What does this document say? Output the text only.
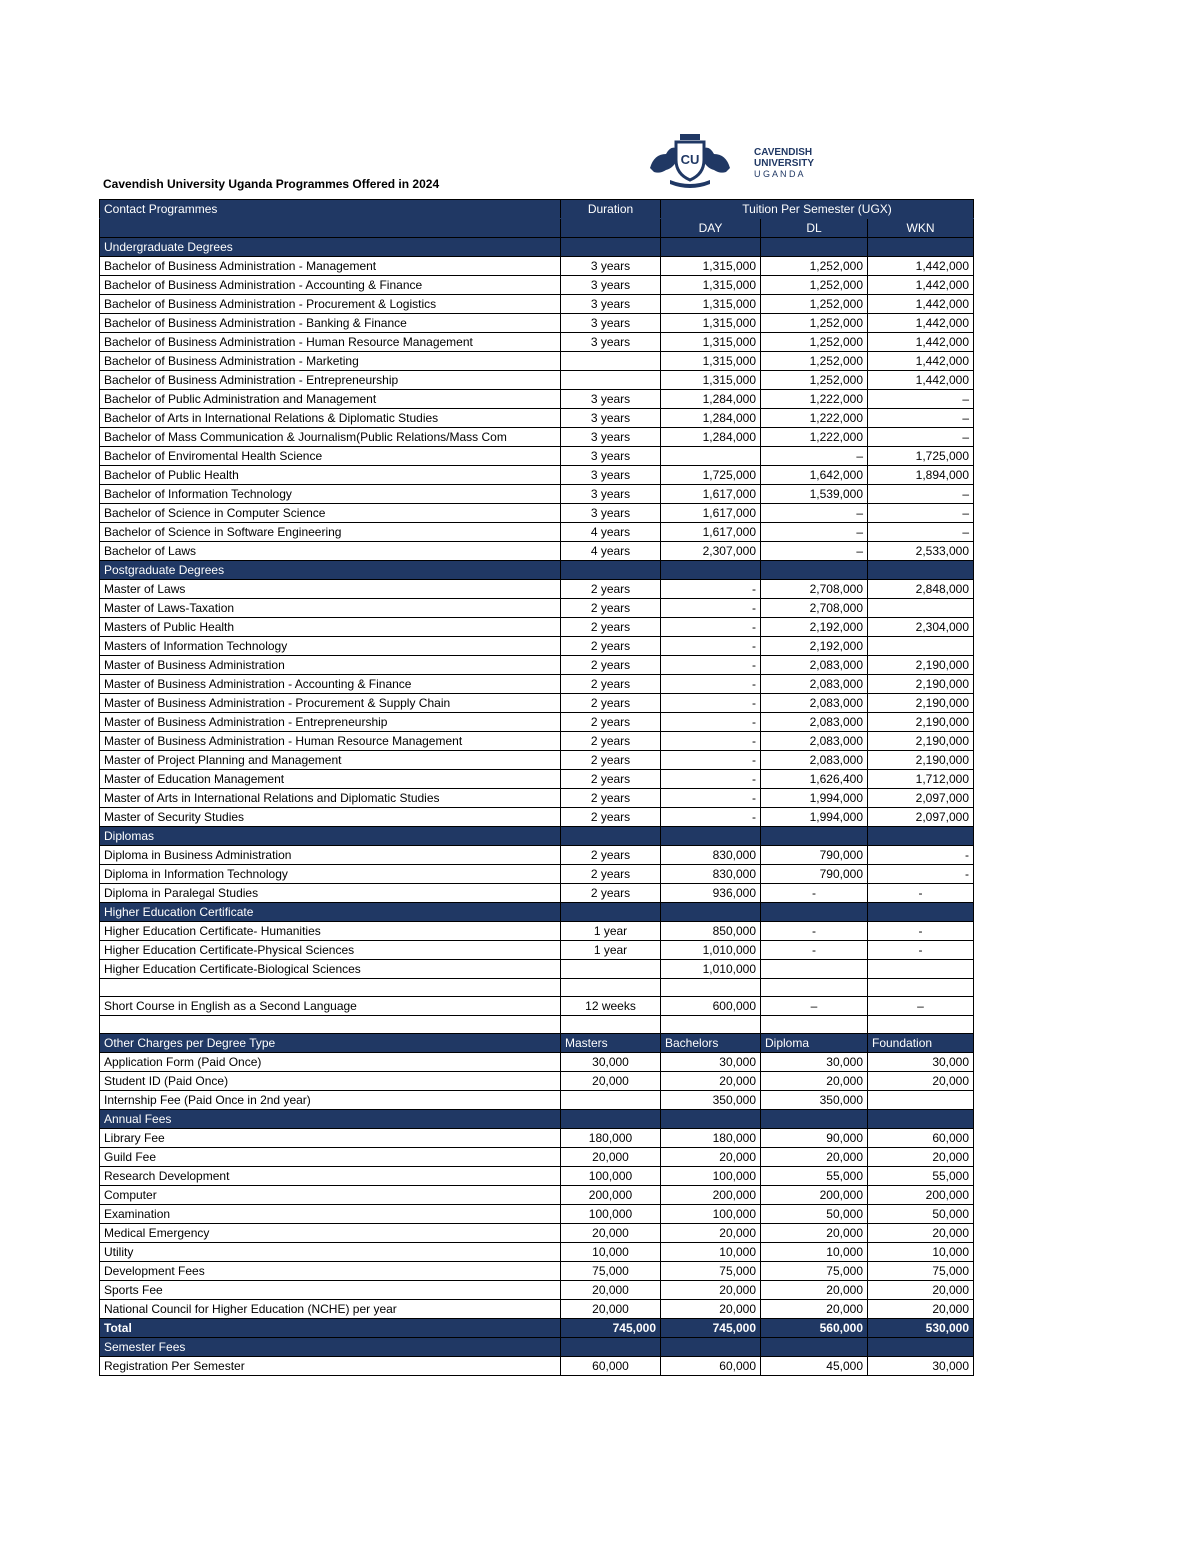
CU	CAVENDISH
UNIVERSITY
U G A N D A
Cavendish University Uganda Programmes Offered in 2024
Contact Programmes	Duration	Tuition Per Semester (UGX)		
		DAY	DL	WKN
Undergraduate Degrees				
Bachelor of Business Administration - Management	3 years	1,315,000	1,252,000	1,442,000
Bachelor of Business Administration - Accounting & Finance	3 years	1,315,000	1,252,000	1,442,000
Bachelor of Business Administration - Procurement & Logistics	3 years	1,315,000	1,252,000	1,442,000
Bachelor of Business Administration - Banking & Finance	3 years	1,315,000	1,252,000	1,442,000
Bachelor of Business Administration - Human Resource Management	3 years	1,315,000	1,252,000	1,442,000
Bachelor of Business Administration - Marketing		1,315,000	1,252,000	1,442,000
Bachelor of Business Administration - Entrepreneurship		1,315,000	1,252,000	1,442,000
Bachelor of Public Administration and Management	3 years	1,284,000	1,222,000	–
Bachelor of Arts in International Relations & Diplomatic Studies	3 years	1,284,000	1,222,000	–
Bachelor of Mass Communication & Journalism(Public Relations/Mass Com	3 years	1,284,000	1,222,000	–
Bachelor of Enviromental Health Science	3 years		–	1,725,000
Bachelor of Public Health	3 years	1,725,000	1,642,000	1,894,000
Bachelor of Information Technology	3 years	1,617,000	1,539,000	–
Bachelor of Science in Computer Science	3 years	1,617,000	–	–
Bachelor of Science in Software Engineering	4 years	1,617,000	–	–
Bachelor of Laws	4 years	2,307,000	–	2,533,000
Postgraduate Degrees				
Master of Laws	2 years	-	2,708,000	2,848,000
Master of Laws-Taxation	2 years	-	2,708,000	
Masters of Public Health	2 years	-	2,192,000	2,304,000
Masters of Information Technology	2 years	-	2,192,000	
Master of Business Administration	2 years	-	2,083,000	2,190,000
Master of Business Administration - Accounting & Finance	2 years	-	2,083,000	2,190,000
Master of Business Administration - Procurement & Supply Chain	2 years	-	2,083,000	2,190,000
Master of Business Administration - Entrepreneurship	2 years	-	2,083,000	2,190,000
Master of Business Administration - Human Resource Management	2 years	-	2,083,000	2,190,000
Master of Project Planning and Management	2 years	-	2,083,000	2,190,000
Master of Education Management	2 years	-	1,626,400	1,712,000
Master of Arts in International Relations and Diplomatic Studies	2 years	-	1,994,000	2,097,000
Master of Security Studies	2 years	-	1,994,000	2,097,000
Diplomas				
Diploma in Business Administration	2 years	830,000	790,000	-
Diploma in Information Technology	2 years	830,000	790,000	-
Diploma in Paralegal Studies	2 years	936,000	-	-
Higher Education Certificate				
Higher Education Certificate- Humanities	1 year	850,000	-	-
Higher Education Certificate-Physical Sciences	1 year	1,010,000	-	-
Higher Education Certificate-Biological Sciences		1,010,000		

Short Course in English as a Second Language	12 weeks	600,000	–	–

Other Charges per Degree Type	Masters	Bachelors	Diploma	Foundation
Application Form (Paid Once)	30,000	30,000	30,000	30,000
Student ID (Paid Once)	20,000	20,000	20,000	20,000
Internship Fee (Paid Once in 2nd year)		350,000	350,000	
Annual Fees				
Library Fee	180,000	180,000	90,000	60,000
Guild Fee	20,000	20,000	20,000	20,000
Research Development	100,000	100,000	55,000	55,000
Computer	200,000	200,000	200,000	200,000
Examination	100,000	100,000	50,000	50,000
Medical Emergency	20,000	20,000	20,000	20,000
Utility	10,000	10,000	10,000	10,000
Development Fees	75,000	75,000	75,000	75,000
Sports Fee	20,000	20,000	20,000	20,000
National Council for Higher Education (NCHE) per year	20,000	20,000	20,000	20,000
Total	745,000	745,000	560,000	530,000
Semester Fees				
Registration Per Semester	60,000	60,000	45,000	30,000
